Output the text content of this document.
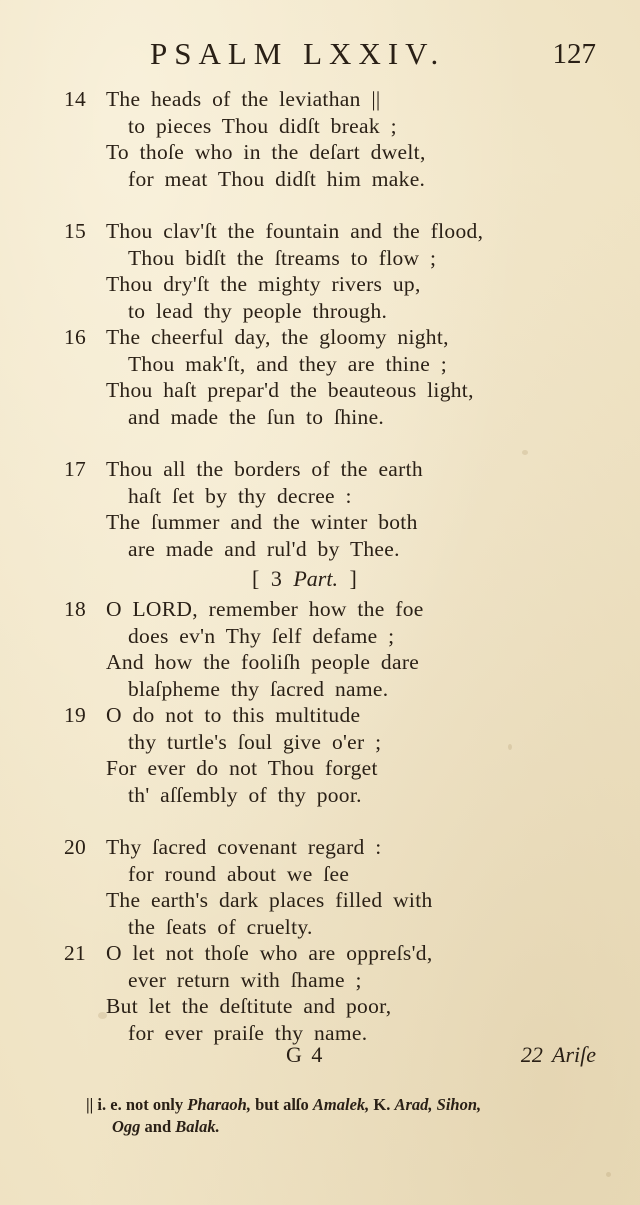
PSALM LXXIV.	127
14 The heads of the leviathan ||
to pieces Thou didſt break ;
To thoſe who in the deſart dwelt,
for meat Thou didſt him make.
15 Thou clav'ſt the fountain and the flood,
Thou bidſt the ſtreams to flow ;
Thou dry'ſt the mighty rivers up,
to lead thy people through.
16 The cheerful day, the gloomy night,
Thou mak'ſt, and they are thine ;
Thou haſt prepar'd the beauteous light,
and made the ſun to ſhine.
17 Thou all the borders of the earth
haſt ſet by thy decree :
The ſummer and the winter both
are made and rul'd by Thee.
[ 3 Part. ]
18 O LORD, remember how the foe
does ev'n Thy ſelf defame ;
And how the fooliſh people dare
blaſpheme thy ſacred name.
19 O do not to this multitude
thy turtle's ſoul give o'er ;
For ever do not Thou forget
th' aſſembly of thy poor.
20 Thy ſacred covenant regard :
for round about we ſee
The earth's dark places filled with
the ſeats of cruelty.
21 O let not thoſe who are oppreſs'd,
ever return with ſhame ;
But let the deſtitute and poor,
for ever praiſe thy name.
G 4	22 Ariſe
|| i. e. not only Pharaoh, but alſo Amalek, K. Arad, Sihon,
Ogg and Balak.
